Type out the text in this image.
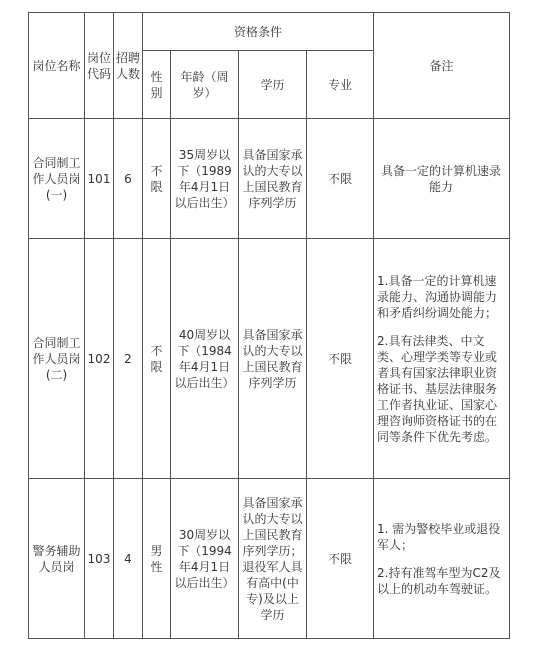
岗位名称	岗位代码	招聘人数	资格条件				备注
			性别	年龄（周岁）	学历	专业	
合同制工作人员岗(一)	101	6	不限	35周岁以下（1989年4月1日以后出生）	具备国家承认的大专以上国民教育序列学历	不限	具备一定的计算机速录能力

合同制工作人员岗(二)	102	2	不限	40周岁以下（1984年4月1日以后出生）	具备国家承认的大专以上国民教育序列学历	不限	1.具备一定的计算机速录能力、沟通协调能力和矛盾纠纷调处能力；
2.具有法律类、中文类、心理学类等专业或者具有国家法律职业资格证书、基层法律服务工作者执业证、国家心理咨询师资格证书的在同等条件下优先考虑。

警务辅助人员岗	103	4	男性	30周岁以下（1994年4月1日以后出生）	具备国家承认的大专以上国民教育序列学历；退役军人具有高中(中专)及以上学历	不限	1. 需为警校毕业或退役军人；
2.持有准驾车型为C2及以上的机动车驾驶证。
